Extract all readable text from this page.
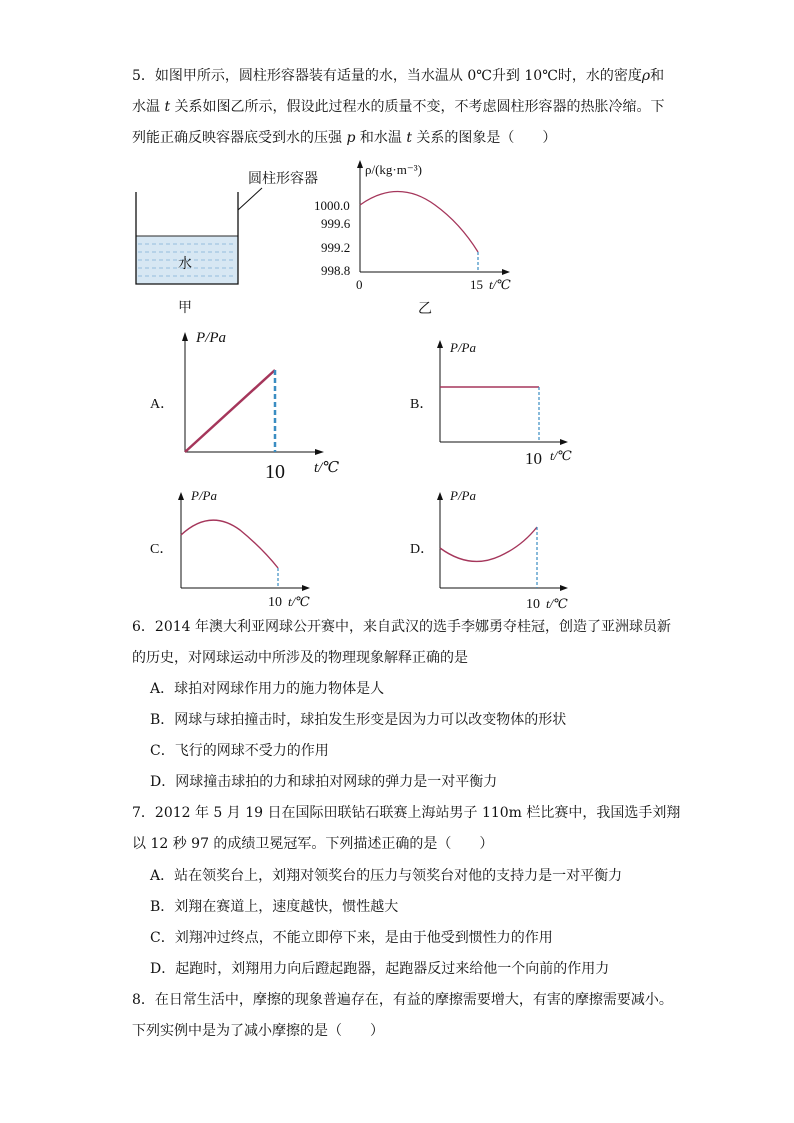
5．如图甲所示，圆柱形容器装有适量的水，当水温从 0℃升到 10℃时，水的密度ρ和
水温 t 关系如图乙所示，假设此过程水的质量不变，不考虑圆柱形容器的热胀冷缩。下
列能正确反映容器底受到水的压强 p 和水温 t 关系的图象是（　　）
圆柱形容器
水
甲
ρ/(kg·m⁻³)
1000.0
999.6
999.2
998.8
0	15 t/℃
乙
A．
P/Pa
10 t/℃
B．
P/Pa
10 t/℃
C．
P/Pa
10 t/℃
D．
P/Pa
10 t/℃
6．2014 年澳大利亚网球公开赛中，来自武汉的选手李娜勇夺桂冠，创造了亚洲球员新
的历史，对网球运动中所涉及的物理现象解释正确的是
A．球拍对网球作用力的施力物体是人
B．网球与球拍撞击时，球拍发生形变是因为力可以改变物体的形状
C．飞行的网球不受力的作用
D．网球撞击球拍的力和球拍对网球的弹力是一对平衡力
7．2012 年 5 月 19 日在国际田联钻石联赛上海站男子 110m 栏比赛中，我国选手刘翔
以 12 秒 97 的成绩卫冕冠军。下列描述正确的是（　　）
A．站在领奖台上，刘翔对领奖台的压力与领奖台对他的支持力是一对平衡力
B．刘翔在赛道上，速度越快，惯性越大
C．刘翔冲过终点，不能立即停下来，是由于他受到惯性力的作用
D．起跑时，刘翔用力向后蹬起跑器，起跑器反过来给他一个向前的作用力
8．在日常生活中，摩擦的现象普遍存在，有益的摩擦需要增大，有害的摩擦需要减小。
下列实例中是为了减小摩擦的是（　　）
